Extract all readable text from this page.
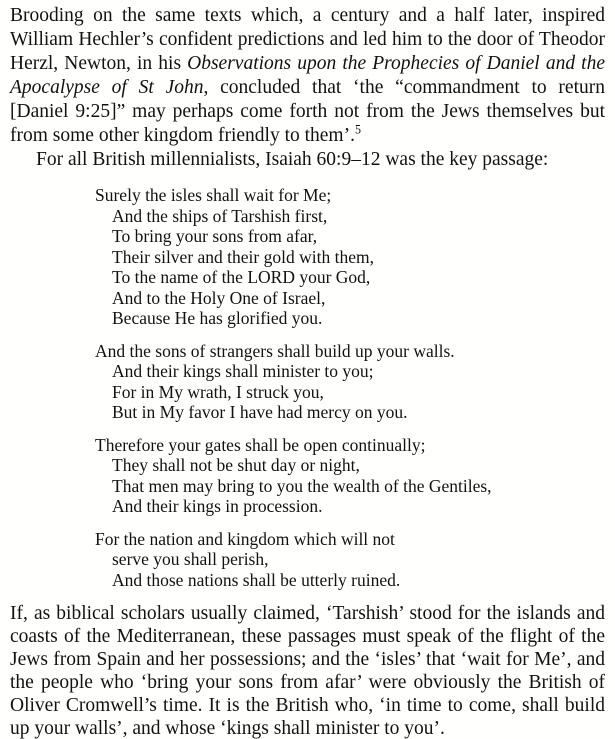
Brooding on the same texts which, a century and a half later, inspired William Hechler’s confident predictions and led him to the door of Theodor Herzl, Newton, in his Observations upon the Prophecies of Daniel and the Apocalypse of St John, concluded that ‘the “commandment to return [Daniel 9:25]” may perhaps come forth not from the Jews themselves but from some other kingdom friendly to them’.$^5$

For all British millennialists, Isaiah 60:9–12 was the key passage:

Surely the isles shall wait for Me;
And the ships of Tarshish first,
To bring your sons from afar,
Their silver and their gold with them,
To the name of the LORD your God,
And to the Holy One of Israel,
Because He has glorified you.
And the sons of strangers shall build up your walls.
And their kings shall minister to you;
For in My wrath, I struck you,
But in My favor I have had mercy on you.
Therefore your gates shall be open continually;
They shall not be shut day or night,
That men may bring to you the wealth of the Gentiles,
And their kings in procession.
For the nation and kingdom which will not
serve you shall perish,
And those nations shall be utterly ruined.

If, as biblical scholars usually claimed, ‘Tarshish’ stood for the islands and coasts of the Mediterranean, these passages must speak of the flight of the Jews from Spain and her possessions; and the ‘isles’ that ‘wait for Me’, and the people who ‘bring your sons from afar’ were obviously the British of Oliver Cromwell’s time. It is the British who, ‘in time to come, shall build up your walls’, and whose ‘kings shall minister to you’.
